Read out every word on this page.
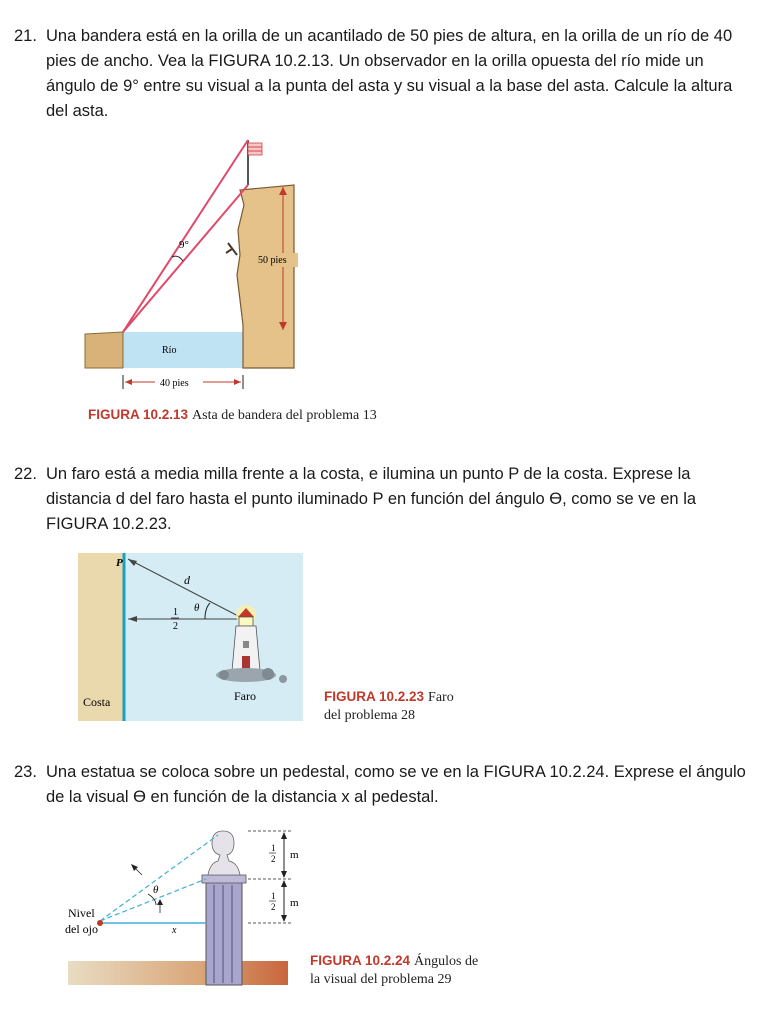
21. Una bandera está en la orilla de un acantilado de 50 pies de altura, en la orilla de un río de 40 pies de ancho. Vea la FIGURA 10.2.13. Un observador en la orilla opuesta del río mide un ángulo de 9° entre su visual a la punta del asta y su visual a la base del asta. Calcule la altura del asta.
9°
50 pies
Río
40 pies
FIGURA 10.2.13 Asta de bandera del problema 13
22. Un faro está a media milla frente a la costa, e ilumina un punto P de la costa. Exprese la distancia d del faro hasta el punto iluminado P en función del ángulo ϴ, como se ve en la FIGURA 10.2.23.
P
d
1
2
θ
Costa	Faro	FIGURA 10.2.23 Faro
del problema 28
23. Una estatua se coloca sobre un pedestal, como se ve en la FIGURA 10.2.24. Exprese el ángulo de la visual ϴ en función de la distancia x al pedestal.
θ
x
Nivel
del ojo
1
2 m
1
2 m
FIGURA 10.2.24 Ángulos de
la visual del problema 29
